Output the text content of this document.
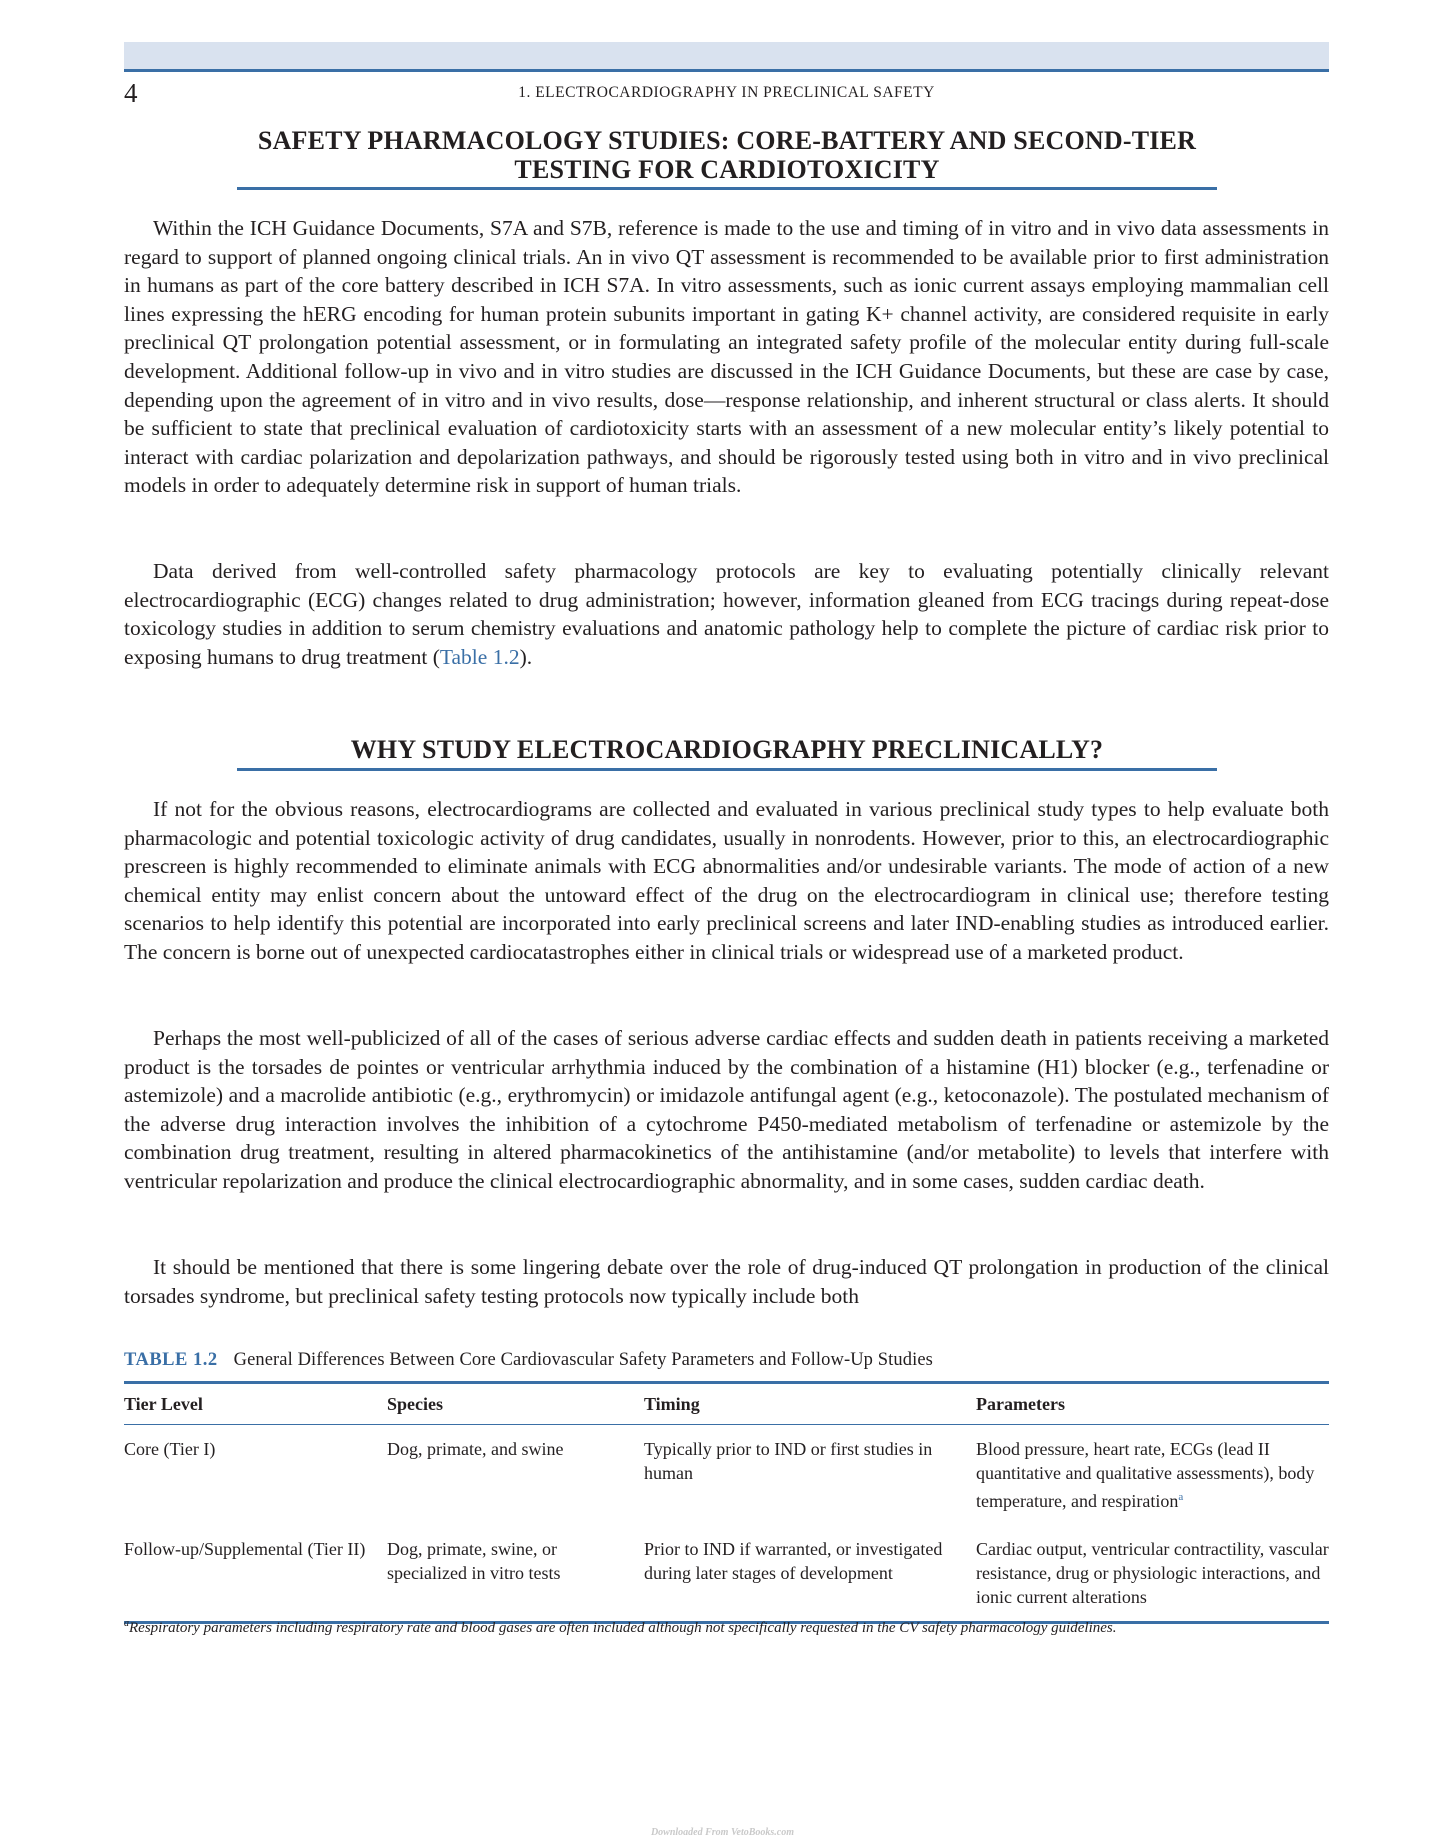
4	1. ELECTROCARDIOGRAPHY IN PRECLINICAL SAFETY
SAFETY PHARMACOLOGY STUDIES: CORE-BATTERY AND SECOND-TIER
TESTING FOR CARDIOTOXICITY

Within the ICH Guidance Documents, S7A and S7B, reference is made to the use and timing of in vitro and in vivo data assessments in regard to support of planned ongoing clinical trials. An in vivo QT assessment is recommended to be available prior to first administration in humans as part of the core battery described in ICH S7A. In vitro assessments, such as ionic current assays employing mammalian cell lines expressing the hERG encoding for human protein subunits important in gating K+ channel activity, are considered requisite in early preclinical QT prolongation potential assessment, or in formulating an integrated safety profile of the molecular entity during full-scale development. Additional follow-up in vivo and in vitro studies are discussed in the ICH Guidance Documents, but these are case by case, depending upon the agreement of in vitro and in vivo results, dose—response relationship, and inherent structural or class alerts. It should be sufficient to state that preclinical evaluation of cardiotoxicity starts with an assessment of a new molecular entity’s likely potential to interact with cardiac polarization and depolarization pathways, and should be rigorously tested using both in vitro and in vivo preclinical models in order to adequately determine risk in support of human trials.

Data derived from well-controlled safety pharmacology protocols are key to evaluating potentially clinically relevant electrocardiographic (ECG) changes related to drug administration; however, information gleaned from ECG tracings during repeat-dose toxicology studies in addition to serum chemistry evaluations and anatomic pathology help to complete the picture of cardiac risk prior to exposing humans to drug treatment (Table 1.2).

WHY STUDY ELECTROCARDIOGRAPHY PRECLINICALLY?

If not for the obvious reasons, electrocardiograms are collected and evaluated in various preclinical study types to help evaluate both pharmacologic and potential toxicologic activity of drug candidates, usually in nonrodents. However, prior to this, an electrocardiographic prescreen is highly recommended to eliminate animals with ECG abnormalities and/or undesirable variants. The mode of action of a new chemical entity may enlist concern about the untoward effect of the drug on the electrocardiogram in clinical use; therefore testing scenarios to help identify this potential are incorporated into early preclinical screens and later IND-enabling studies as introduced earlier. The concern is borne out of unexpected cardiocatastrophes either in clinical trials or widespread use of a marketed product.

Perhaps the most well-publicized of all of the cases of serious adverse cardiac effects and sudden death in patients receiving a marketed product is the torsades de pointes or ventricular arrhythmia induced by the combination of a histamine (H1) blocker (e.g., terfenadine or astemizole) and a macrolide antibiotic (e.g., erythromycin) or imidazole antifungal agent (e.g., ketoconazole). The postulated mechanism of the adverse drug interaction involves the inhibition of a cytochrome P450-mediated metabolism of terfenadine or astemizole by the combination drug treatment, resulting in altered pharmacokinetics of the antihistamine (and/or metabolite) to levels that interfere with ventricular repolarization and produce the clinical electrocardiographic abnormality, and in some cases, sudden cardiac death.

It should be mentioned that there is some lingering debate over the role of drug-induced QT prolongation in production of the clinical torsades syndrome, but preclinical safety testing protocols now typically include both

TABLE 1.2 General Differences Between Core Cardiovascular Safety Parameters and Follow-Up Studies
Tier Level	Species	Timing	Parameters
Core (Tier I)	Dog, primate, and swine	Typically prior to IND or first studies in human	Blood pressure, heart rate, ECGs (lead II quantitative and qualitative assessments), body temperature, and respiration$^a$
Follow-up/Supplemental (Tier II)	Dog, primate, swine, or specialized in vitro tests	Prior to IND if warranted, or investigated during later stages of development	Cardiac output, ventricular contractility, vascular resistance, drug or physiologic interactions, and ionic current alterations
$^a$Respiratory parameters including respiratory rate and blood gases are often included although not specifically requested in the CV safety pharmacology guidelines.
Downloaded From VetoBooks.com
